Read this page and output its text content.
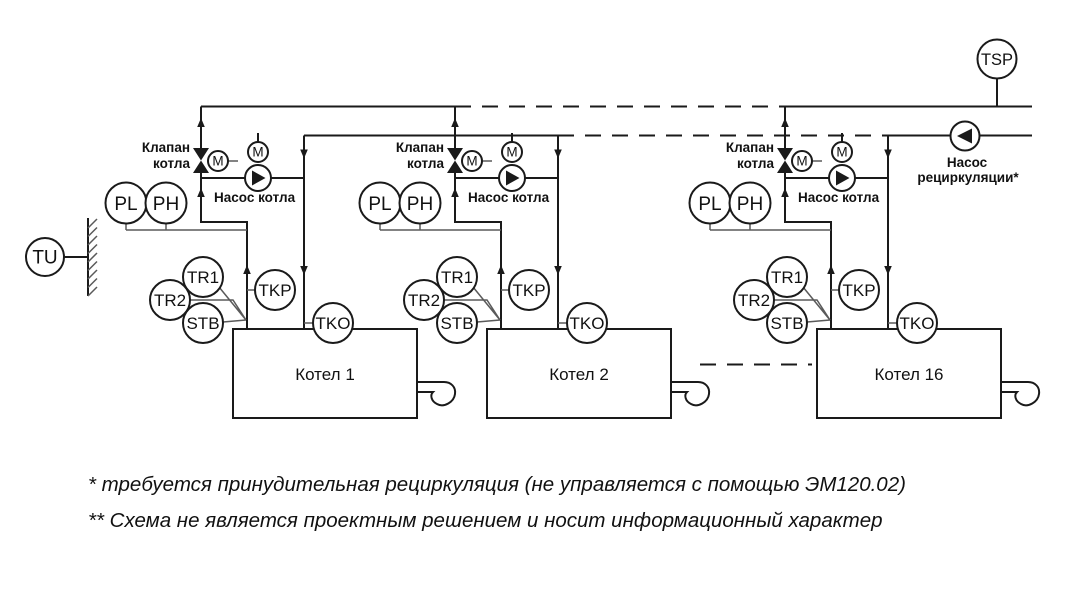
TSP
TU
Насос
рециркуляции*
Котел 1
M
M
PL PH
TR1
TR2
STB
TKP
TKO
Клапан
котла
Насос котла
Котел 2
M
M
PL PH
TR1
TR2
STB
TKP
TKO
Клапан
котла
Насос котла
Котел 16
M
M
PL PH
TR1
TR2
STB
TKP
TKO
Клапан
котла
Насос котла
* требуется принудительная рециркуляция (не управляется с помощью ЭМ120.02)
** Схема не является проектным решением и носит информационный характер
